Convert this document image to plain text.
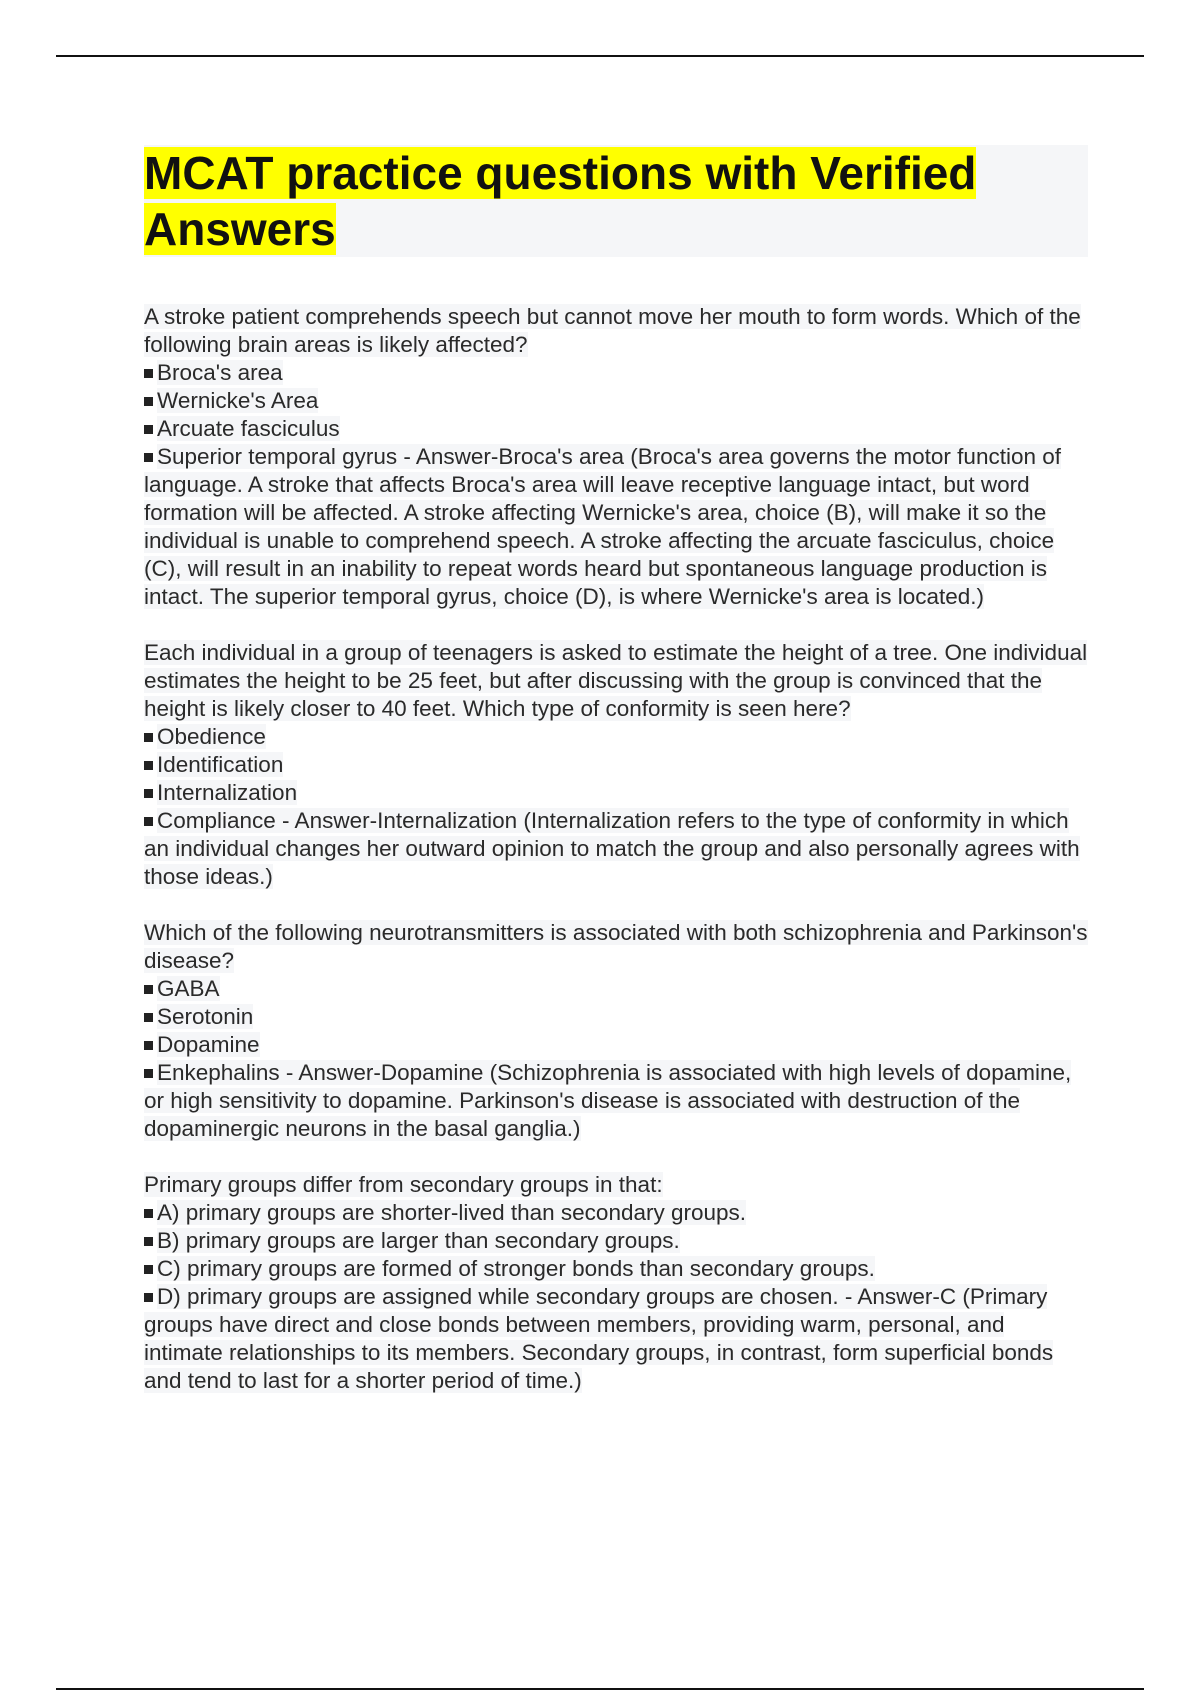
MCAT practice questions with Verified Answers

A stroke patient comprehends speech but cannot move her mouth to form words. Which of the following brain areas is likely affected?

Broca's area
Wernicke's Area
Arcuate fasciculus

Superior temporal gyrus - Answer-Broca's area (Broca's area governs the motor function of language. A stroke that affects Broca's area will leave receptive language intact, but word formation will be affected. A stroke affecting Wernicke's area, choice (B), will make it so the individual is unable to comprehend speech. A stroke affecting the arcuate fasciculus, choice (C), will result in an inability to repeat words heard but spontaneous language production is intact. The superior temporal gyrus, choice (D), is where Wernicke's area is located.)

Each individual in a group of teenagers is asked to estimate the height of a tree. One individual estimates the height to be 25 feet, but after discussing with the group is convinced that the height is likely closer to 40 feet. Which type of conformity is seen here?

Obedience
Identification
Internalization

Compliance - Answer-Internalization (Internalization refers to the type of conformity in which an individual changes her outward opinion to match the group and also personally agrees with those ideas.)

Which of the following neurotransmitters is associated with both schizophrenia and Parkinson's disease?

GABA
Serotonin
Dopamine

Enkephalins - Answer-Dopamine (Schizophrenia is associated with high levels of dopamine, or high sensitivity to dopamine. Parkinson's disease is associated with destruction of the dopaminergic neurons in the basal ganglia.)

Primary groups differ from secondary groups in that:

A) primary groups are shorter-lived than secondary groups.
B) primary groups are larger than secondary groups.
C) primary groups are formed of stronger bonds than secondary groups.

D) primary groups are assigned while secondary groups are chosen. - Answer-C (Primary groups have direct and close bonds between members, providing warm, personal, and intimate relationships to its members. Secondary groups, in contrast, form superficial bonds and tend to last for a shorter period of time.)
